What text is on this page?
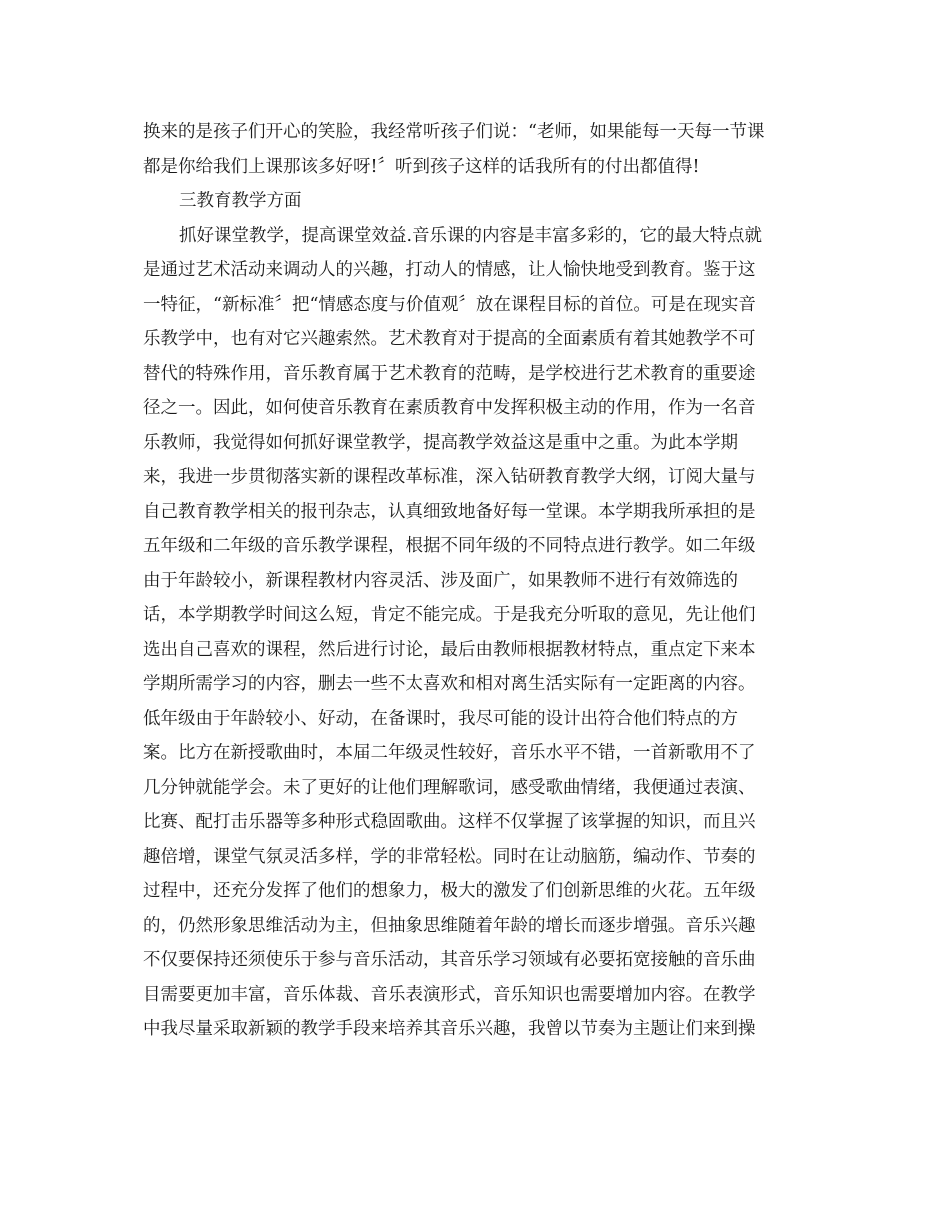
换来的是孩子们开心的笑脸，我经常听孩子们说：“老师，如果能每一天每一节课
都是你给我们上课那该多好呀!〞听到孩子这样的话我所有的付出都值得!
三教育教学方面
抓好课堂教学，提高课堂效益.音乐课的内容是丰富多彩的，它的最大特点就
是通过艺术活动来调动人的兴趣，打动人的情感，让人愉快地受到教育。鉴于这
一特征，“新标准〞把“情感态度与价值观〞放在课程目标的首位。可是在现实音
乐教学中，也有对它兴趣索然。艺术教育对于提高的全面素质有着其她教学不可
替代的特殊作用，音乐教育属于艺术教育的范畴，是学校进行艺术教育的重要途
径之一。因此，如何使音乐教育在素质教育中发挥积极主动的作用，作为一名音
乐教师，我觉得如何抓好课堂教学，提高教学效益这是重中之重。为此本学期
来，我进一步贯彻落实新的课程改革标准，深入钻研教育教学大纲，订阅大量与
自己教育教学相关的报刊杂志，认真细致地备好每一堂课。本学期我所承担的是
五年级和二年级的音乐教学课程，根据不同年级的不同特点进行教学。如二年级
由于年龄较小，新课程教材内容灵活、涉及面广，如果教师不进行有效筛选的
话，本学期教学时间这么短，肯定不能完成。于是我充分听取的意见，先让他们
选出自己喜欢的课程，然后进行讨论，最后由教师根据教材特点，重点定下来本
学期所需学习的内容，删去一些不太喜欢和相对离生活实际有一定距离的内容。
低年级由于年龄较小、好动，在备课时，我尽可能的设计出符合他们特点的方
案。比方在新授歌曲时，本届二年级灵性较好，音乐水平不错，一首新歌用不了
几分钟就能学会。未了更好的让他们理解歌词，感受歌曲情绪，我便通过表演、
比赛、配打击乐器等多种形式稳固歌曲。这样不仅掌握了该掌握的知识，而且兴
趣倍增，课堂气氛灵活多样，学的非常轻松。同时在让动脑筋，编动作、节奏的
过程中，还充分发挥了他们的想象力，极大的激发了们创新思维的火花。五年级
的，仍然形象思维活动为主，但抽象思维随着年龄的增长而逐步增强。音乐兴趣
不仅要保持还须使乐于参与音乐活动，其音乐学习领域有必要拓宽接触的音乐曲
目需要更加丰富，音乐体裁、音乐表演形式，音乐知识也需要增加内容。在教学
中我尽量采取新颖的教学手段来培养其音乐兴趣，我曾以节奏为主题让们来到操
